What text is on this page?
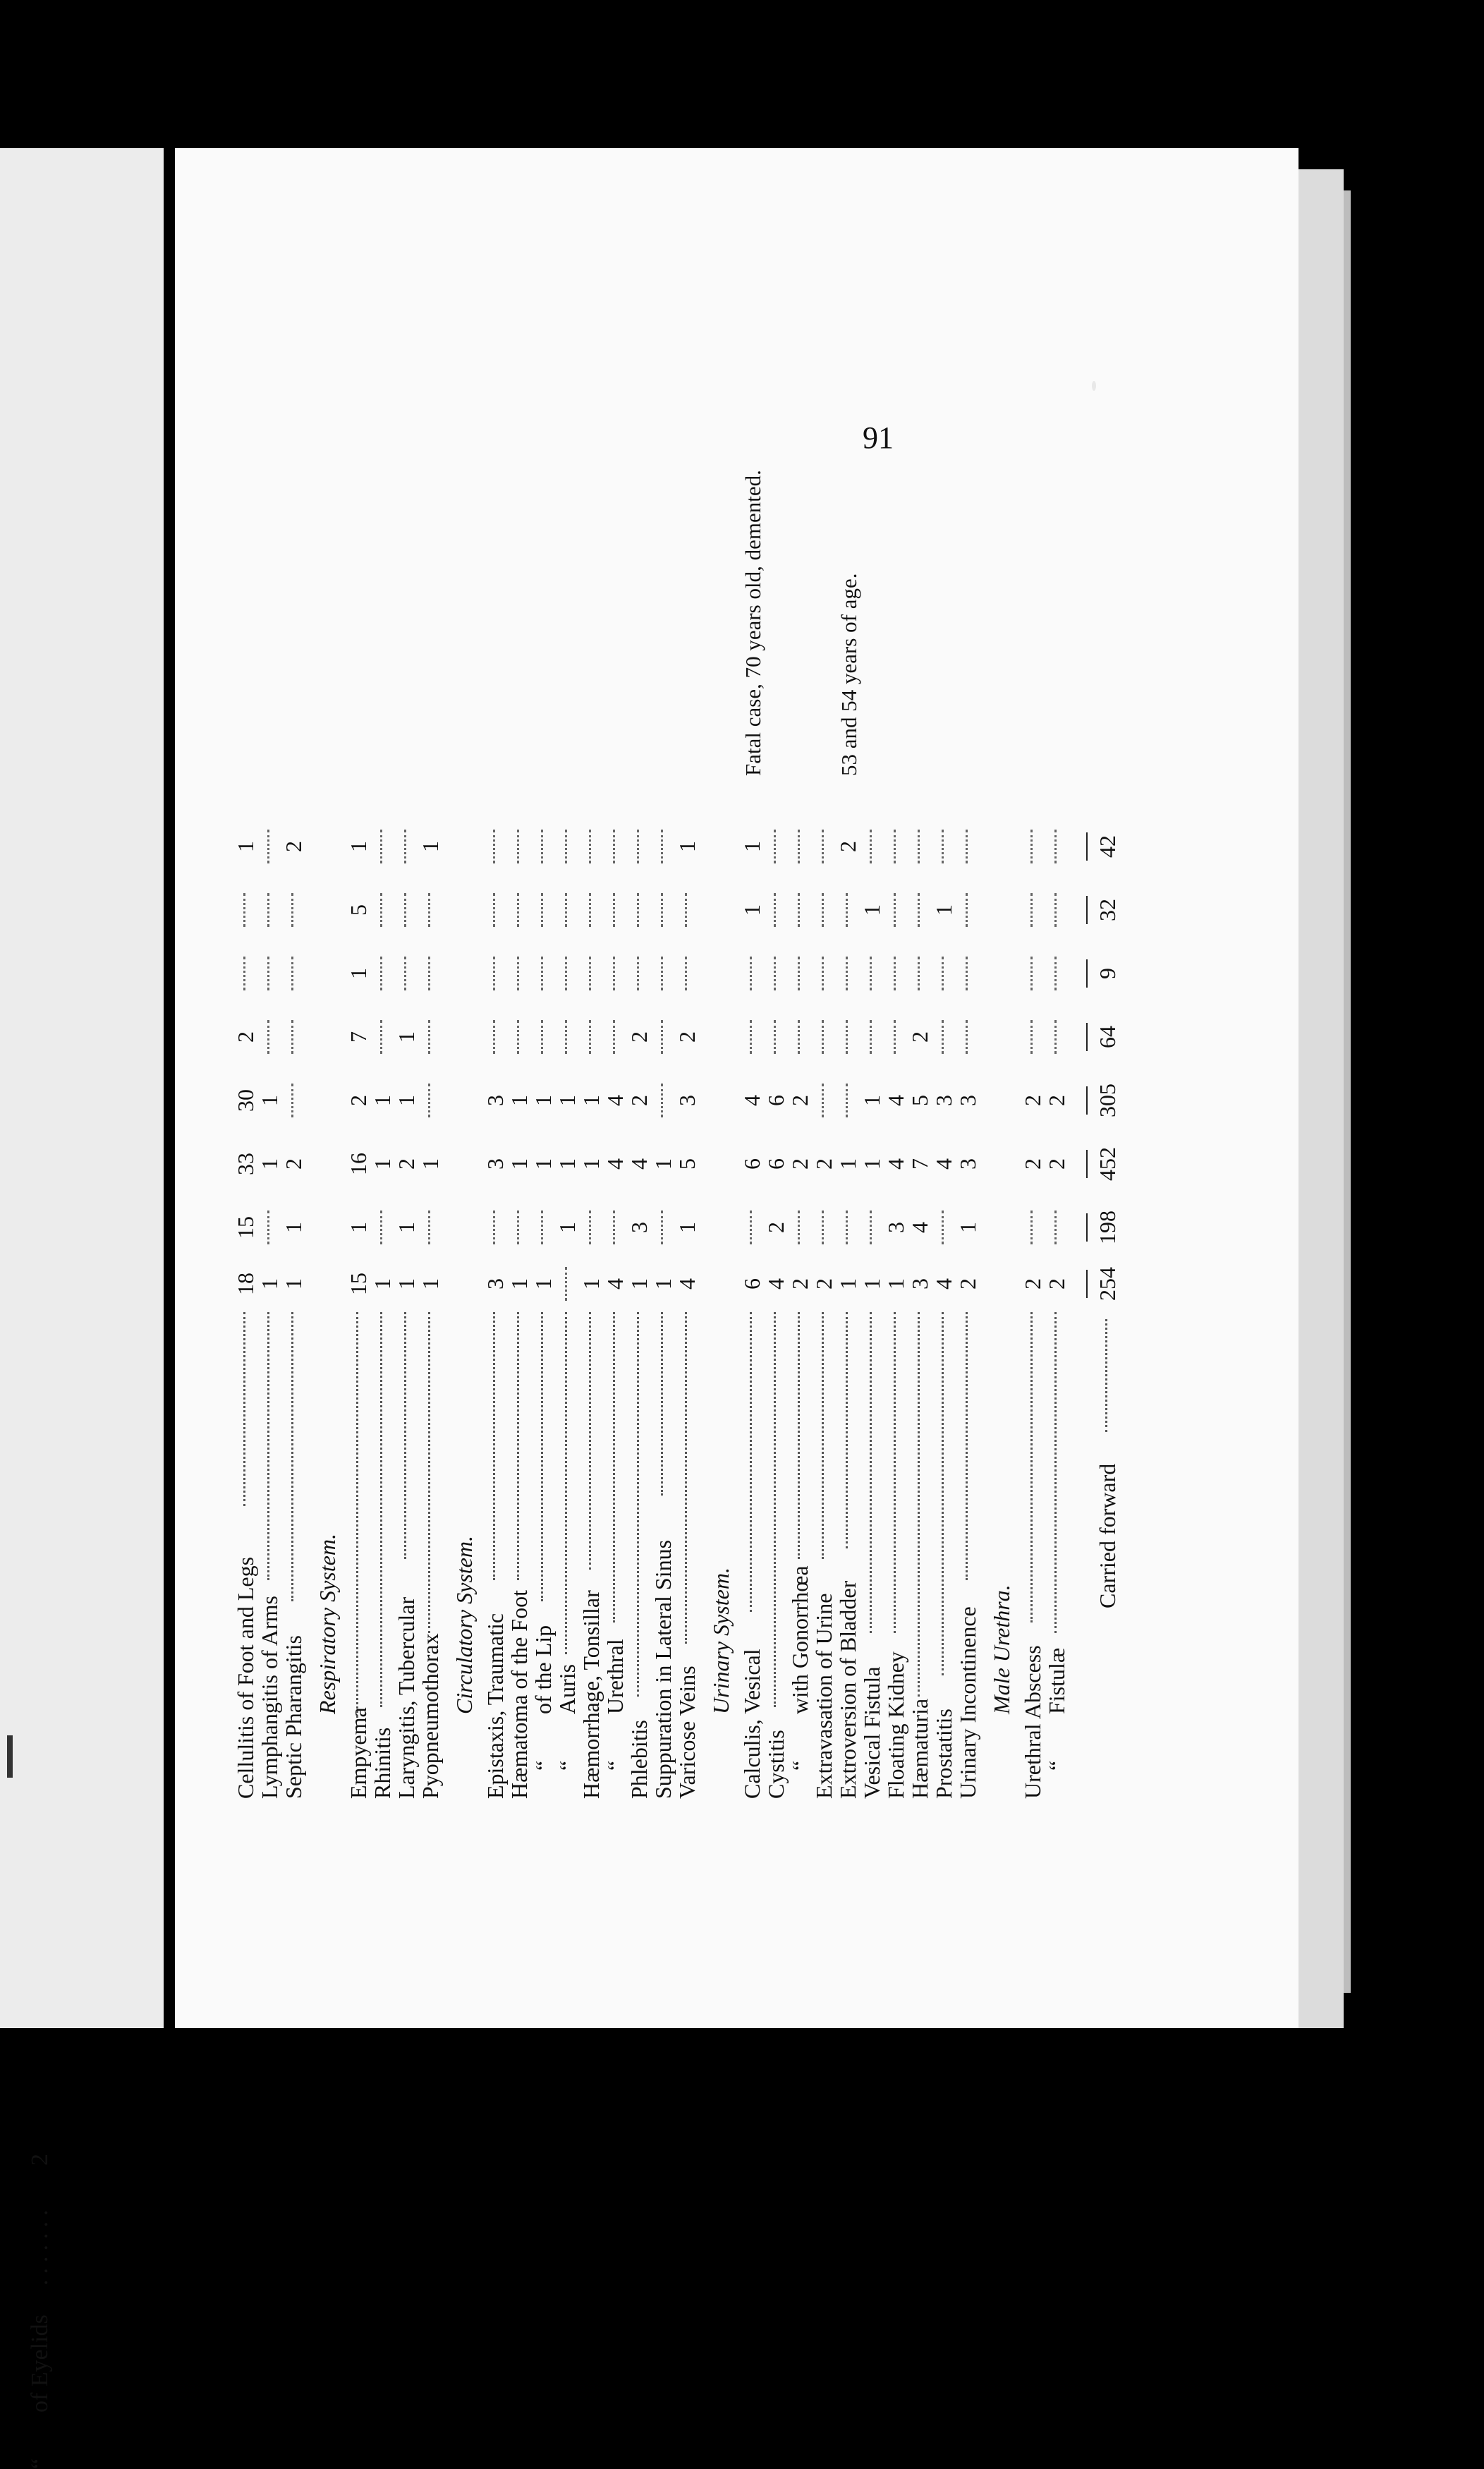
“
of Eyelids
.......
2
91
Cellulitis of Foot and Legs
18
15
33
30
2
1
Lymphangitis of Arms
1
1
1
Septic Pharangitis
1
1
2
2
Respiratory System.
Empyema
15
1
16
2
7
1
5
1
Rhinitis
1
1
1
Laryngitis, Tubercular
1
1
2
1
1
Pyopneumothorax
1
1
1
Circulatory System. Epistaxis, Traumatic
3
3
3
Hæmatoma of the Foot
1
1
1
“
of the Lip
1
1
1
“
Auris
1
1
1
Hæmorrhage, Tonsillar
1
1
1
“
Urethral
4
4
4
Phlebitis
1
3
4
2
2
Suppuration in Lateral Sinus
1
1
Varicose Veins
4
1
5
3
2
1
Urinary System.
Calculis, Vesical
6
6
4
1
1
Fatal case, 70 years old, demented.
Cystitis
4
2
6
6
“
with Gonorrhœa
2
2
2
Extravasation of Urine
2
2
Extroversion of Bladder
1
1
2
53 and 54 years of age.
Vesical Fistula
1
1
1
1
Floating Kidney
1
3
4
4
Hæmaturia
3
4
7
5
2
Prostatitis
4
4
3
1
Urinary Incontinence
2
1
3
3
Male Urethra. Urethral Abscess
2
2
2
“
Fistulæ
2
2
2
Carried forward
254
198
452
305
64
9
32
42
